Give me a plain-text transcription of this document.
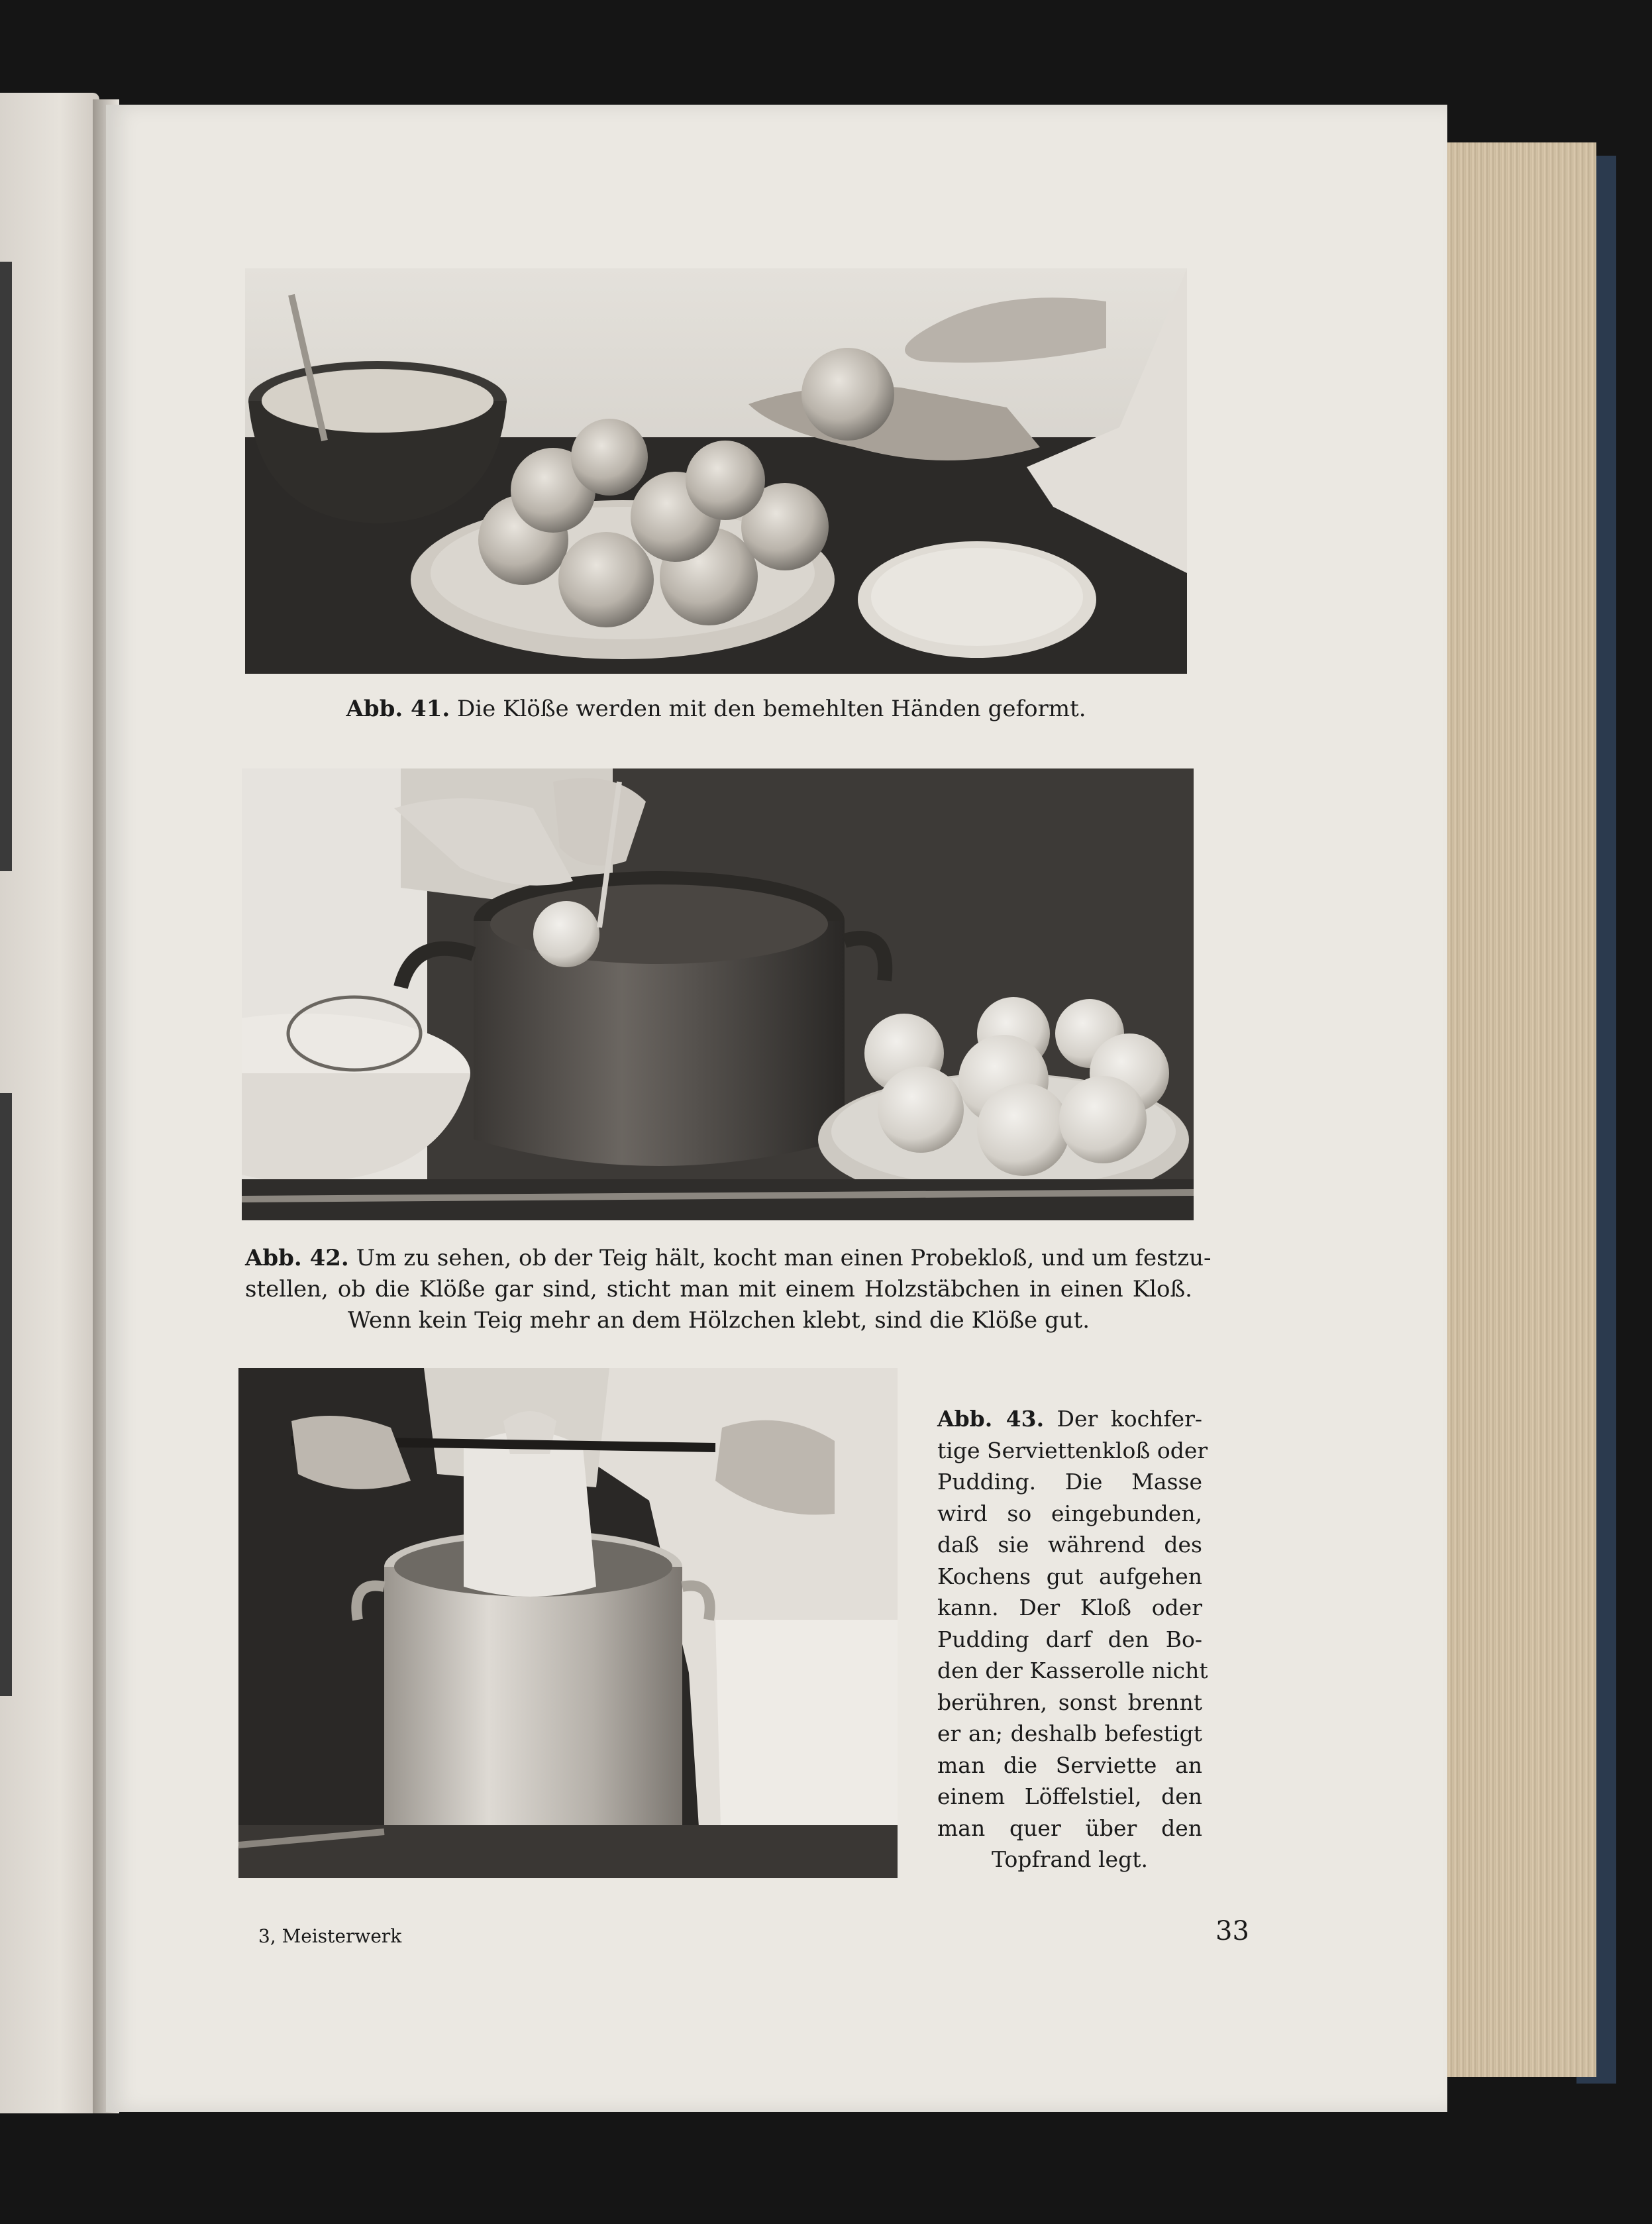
Abb. 41. Die Klöße werden mit den bemehlten Händen geformt.
Abb. 42. Um zu sehen, ob der Teig hält, kocht man einen Probekloß, und um festzu-
stellen, ob die Klöße gar sind, sticht man mit einem Holzstäbchen in einen Kloß.
Wenn kein Teig mehr an dem Hölzchen klebt, sind die Klöße gut.
Abb. 43. Der kochfer-
tige Serviettenkloß oder
Pudding. Die Masse
wird so eingebunden,
daß sie während des
Kochens gut aufgehen
kann. Der Kloß oder
Pudding darf den Bo-
den der Kasserolle nicht
berühren, sonst brennt
er an; deshalb befestigt
man die Serviette an
einem Löffelstiel, den
man quer über den
Topfrand legt.
3, Meisterwerk	33
